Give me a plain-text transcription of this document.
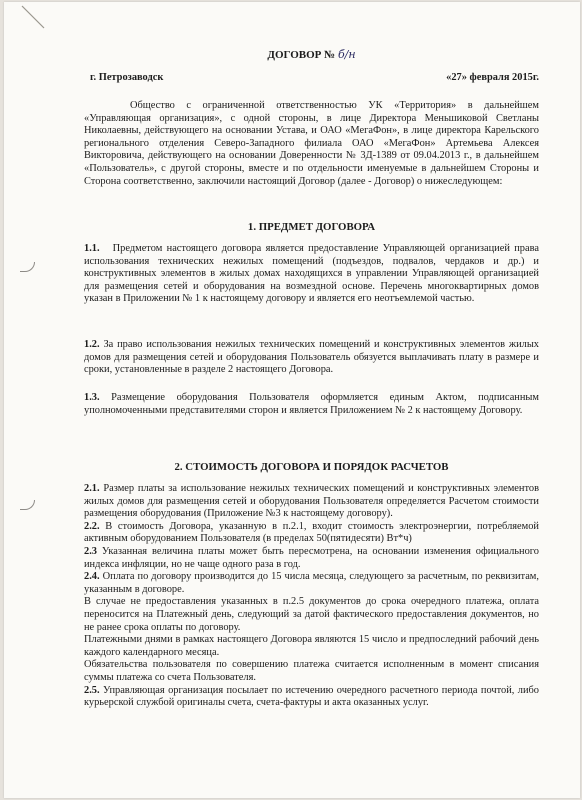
ДОГОВОР № б/н
г. Петрозаводск	«27» февраля 2015г.

Общество с ограниченной ответственностью УК «Территория» в дальнейшем «Управляющая организация», с одной стороны, в лице Директора Меньшиковой Светланы Николаевны, действующего на основании Устава, и ОАО «МегаФон», в лице директора Карельского регионального отделения Северо-Западного филиала ОАО «МегаФон» Артемьева Алексея Викторовича, действующего на основании Доверенности № 3Д-1389 от 09.04.2013 г., в дальнейшем «Пользователь», с другой стороны, вместе и по отдельности именуемые в дальнейшем Стороны и Сторона соответственно, заключили настоящий Договор (далее - Договор) о нижеследующем:

1. ПРЕДМЕТ ДОГОВОРА

1.1. Предметом настоящего договора является предоставление Управляющей организацией права использования технических нежилых помещений (подъездов, подвалов, чердаков и др.) и конструктивных элементов в жилых домах находящихся в управлении Управляющей организацией для размещения сетей и оборудования на возмездной основе. Перечень многоквартирных домов указан в Приложении № 1 к настоящему договору и является его неотъемлемой частью.

1.2. За право использования нежилых технических помещений и конструктивных элементов жилых домов для размещения сетей и оборудования Пользователь обязуется выплачивать плату в размере и сроки, установленные в разделе 2 настоящего Договора.

1.3. Размещение оборудования Пользователя оформляется единым Актом, подписанным уполномоченными представителями сторон и является Приложением № 2 к настоящему Договору.

2. СТОИМОСТЬ ДОГОВОРА И ПОРЯДОК РАСЧЕТОВ

2.1. Размер платы за использование нежилых технических помещений и конструктивных элементов жилых домов для размещения сетей и оборудования Пользователя определяется Расчетом стоимости размещения оборудования (Приложение №3 к настоящему договору).

2.2. В стоимость Договора, указанную в п.2.1, входит стоимость электроэнергии, потребляемой активным оборудованием Пользователя (в пределах 50(пятидесяти) Вт*ч)

2.3 Указанная величина платы может быть пересмотрена, на основании изменения официального индекса инфляции, но не чаще одного раза в год.

2.4. Оплата по договору производится до 15 числа месяца, следующего за расчетным, по реквизитам, указанным в договоре.

В случае не предоставления указанных в п.2.5 документов до срока очередного платежа, оплата переносится на Платежный день, следующий за датой фактического предоставления документов, но не ранее срока оплаты по договору.

Платежными днями в рамках настоящего Договора являются 15 число и предпоследний рабочий день каждого календарного месяца.

Обязательства пользователя по совершению платежа считается исполненным в момент списания суммы платежа со счета Пользователя.

2.5. Управляющая организация посылает по истечению очередного расчетного периода почтой, либо курьерской службой оригиналы счета, счета-фактуры и акта оказанных услуг.
